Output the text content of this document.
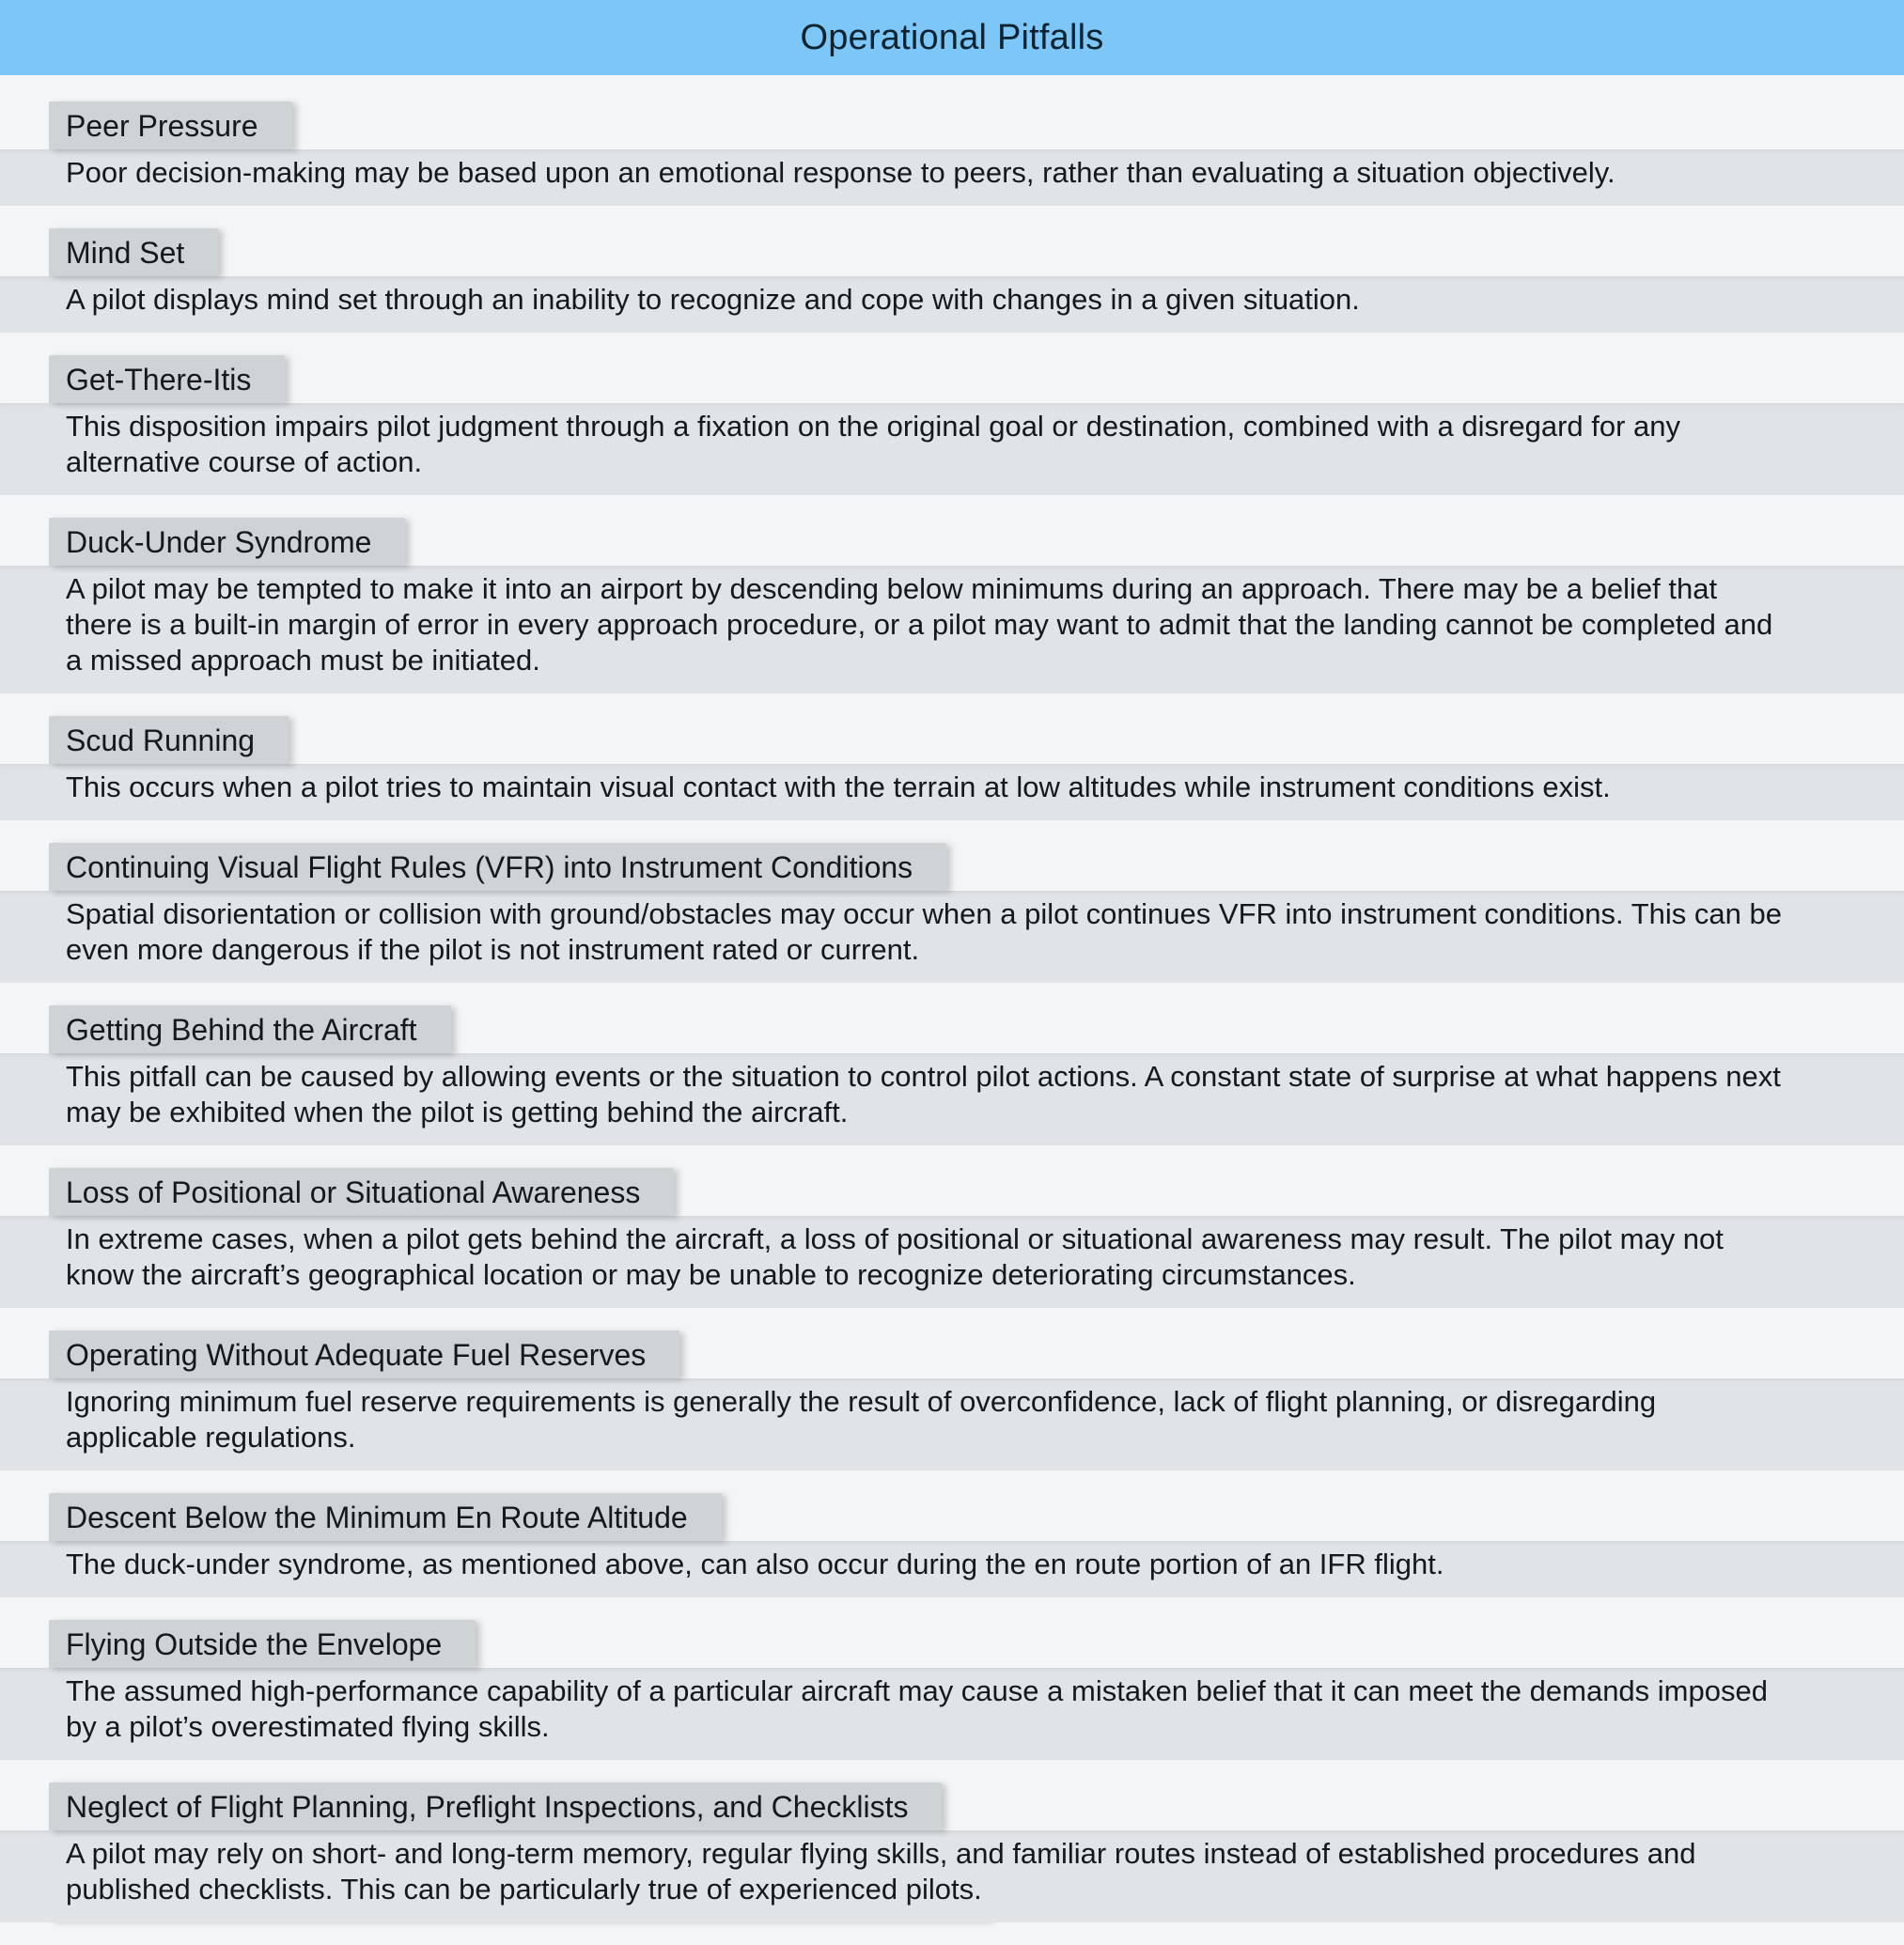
Operational Pitfalls
Peer Pressure

Poor decision-making may be based upon an emotional response to peers, rather than evaluating a situation objectively.

Mind Set

A pilot displays mind set through an inability to recognize and cope with changes in a given situation.

Get-There-Itis

This disposition impairs pilot judgment through a fixation on the original goal or destination, combined with a disregard for any alternative course of action.

Duck-Under Syndrome

A pilot may be tempted to make it into an airport by descending below minimums during an approach. There may be a belief that there is a built-in margin of error in every approach procedure, or a pilot may want to admit that the landing cannot be completed and a missed approach must be initiated.

Scud Running

This occurs when a pilot tries to maintain visual contact with the terrain at low altitudes while instrument conditions exist.

Continuing Visual Flight Rules (VFR) into Instrument Conditions

Spatial disorientation or collision with ground/obstacles may occur when a pilot continues VFR into instrument conditions. This can be even more dangerous if the pilot is not instrument rated or current.

Getting Behind the Aircraft

This pitfall can be caused by allowing events or the situation to control pilot actions. A constant state of surprise at what happens next may be exhibited when the pilot is getting behind the aircraft.

Loss of Positional or Situational Awareness

In extreme cases, when a pilot gets behind the aircraft, a loss of positional or situational awareness may result. The pilot may not know the aircraft’s geographical location or may be unable to recognize deteriorating circumstances.

Operating Without Adequate Fuel Reserves

Ignoring minimum fuel reserve requirements is generally the result of overconfidence, lack of flight planning, or disregarding applicable regulations.

Descent Below the Minimum En Route Altitude

The duck-under syndrome, as mentioned above, can also occur during the en route portion of an IFR flight.

Flying Outside the Envelope

The assumed high-performance capability of a particular aircraft may cause a mistaken belief that it can meet the demands imposed by a pilot’s overestimated flying skills.

Neglect of Flight Planning, Preflight Inspections, and Checklists

A pilot may rely on short- and long-term memory, regular flying skills, and familiar routes instead of established procedures and published checklists. This can be particularly true of experienced pilots.
